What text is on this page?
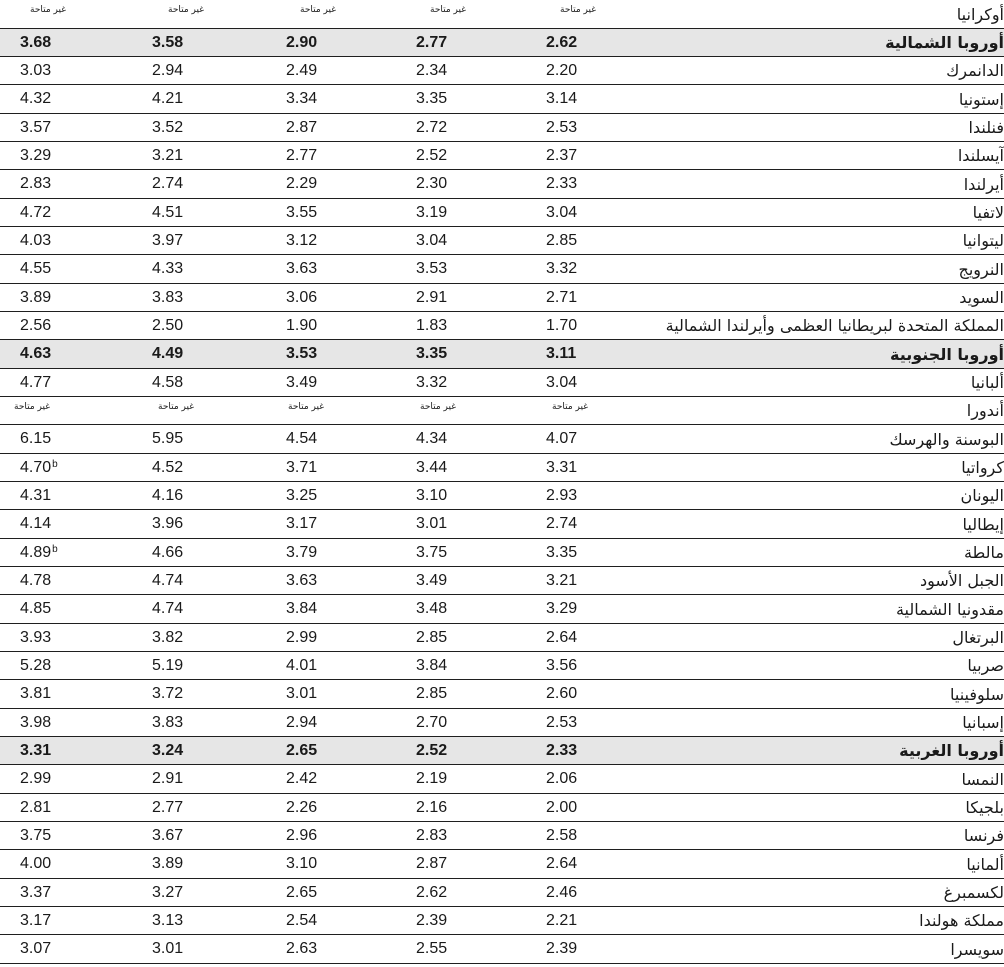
أوكرانيا
غير متاحة
غير متاحة
غير متاحة
غير متاحة
غير متاحة
أوروبا الشمالية
2.62
2.77
2.90
3.58
3.68
الدانمرك
2.20
2.34
2.49
2.94
3.03
إستونيا
3.14
3.35
3.34
4.21
4.32
فنلندا
2.53
2.72
2.87
3.52
3.57
آيسلندا
2.37
2.52
2.77
3.21
3.29
أيرلندا
2.33
2.30
2.29
2.74
2.83
لاتفيا
3.04
3.19
3.55
4.51
4.72
ليتوانيا
2.85
3.04
3.12
3.97
4.03
النرويج
3.32
3.53
3.63
4.33
4.55
السويد
2.71
2.91
3.06
3.83
3.89
المملكة المتحدة لبريطانيا العظمى وأيرلندا الشمالية
1.70
1.83
1.90
2.50
2.56
أوروبا الجنوبية
3.11
3.35
3.53
4.49
4.63
ألبانيا
3.04
3.32
3.49
4.58
4.77
أندورا
غير متاحة
غير متاحة
غير متاحة
غير متاحة
غير متاحة
البوسنة والهرسك
4.07
4.34
4.54
5.95
6.15
كرواتيا
3.31
3.44
3.71
4.52
4.70$^b$
اليونان
2.93
3.10
3.25
4.16
4.31
إيطاليا
2.74
3.01
3.17
3.96
4.14
مالطة
3.35
3.75
3.79
4.66
4.89$^b$
الجبل الأسود
3.21
3.49
3.63
4.74
4.78
مقدونيا الشمالية
3.29
3.48
3.84
4.74
4.85
البرتغال
2.64
2.85
2.99
3.82
3.93
صربيا
3.56
3.84
4.01
5.19
5.28
سلوفينيا
2.60
2.85
3.01
3.72
3.81
إسبانيا
2.53
2.70
2.94
3.83
3.98
أوروبا الغربية
2.33
2.52
2.65
3.24
3.31
النمسا
2.06
2.19
2.42
2.91
2.99
بلجيكا
2.00
2.16
2.26
2.77
2.81
فرنسا
2.58
2.83
2.96
3.67
3.75
ألمانيا
2.64
2.87
3.10
3.89
4.00
لكسمبرغ
2.46
2.62
2.65
3.27
3.37
مملكة هولندا
2.21
2.39
2.54
3.13
3.17
سويسرا
2.39
2.55
2.63
3.01
3.07
